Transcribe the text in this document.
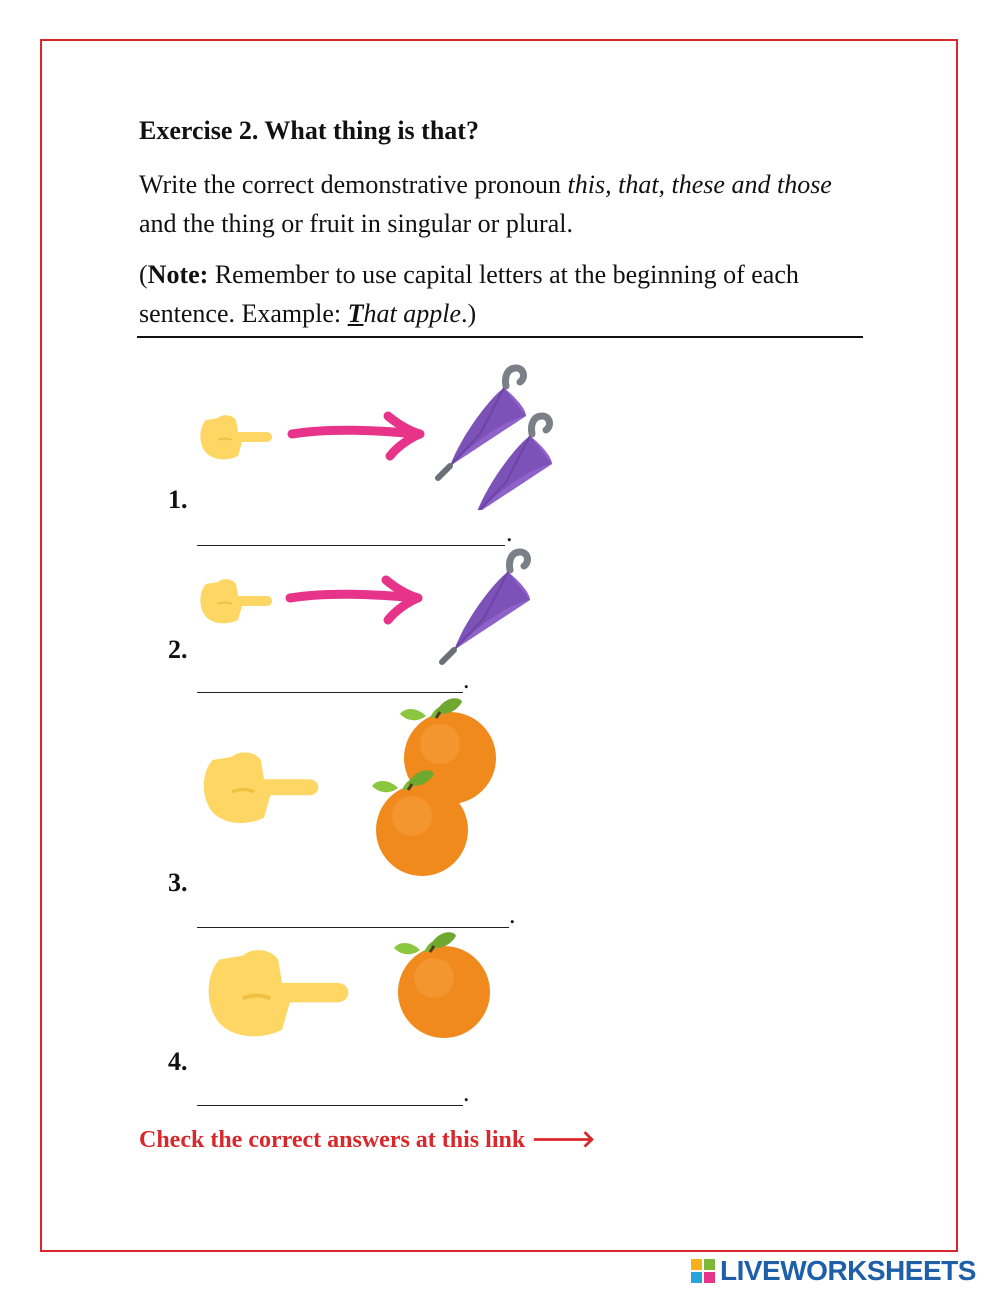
Exercise 2. What thing is that?
Write the correct demonstrative pronoun this, that, these and those and the thing or fruit in singular or plural.
(Note: Remember to use capital letters at the beginning of each sentence. Example: That apple.)
1.
.
2.
.
3.
.
4.
.
Check the correct answers at this link 🡒
LIVEWORKSHEETS
